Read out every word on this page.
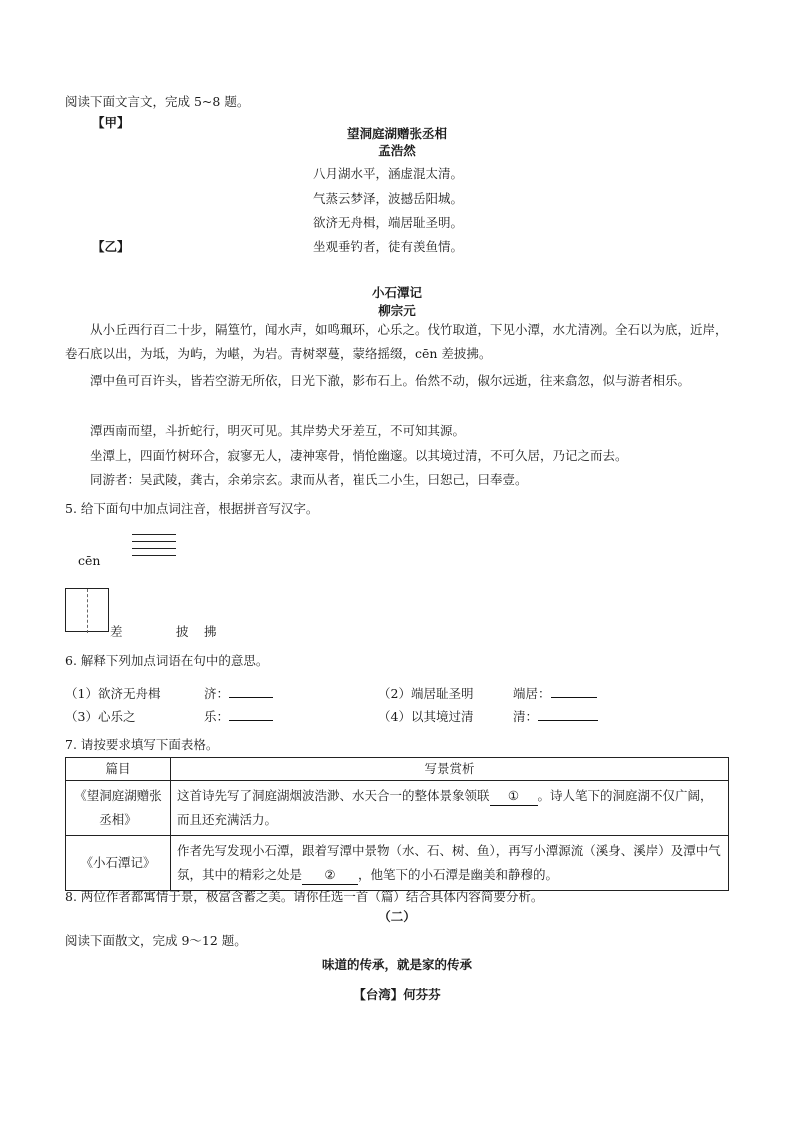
阅读下面文言文，完成 5~8 题。
【甲】
望洞庭湖赠张丞相
孟浩然
八月湖水平，涵虚混太清。
气蒸云梦泽，波撼岳阳城。
欲济无舟楫，端居耻圣明。
坐观垂钓者，徒有羡鱼情。
【乙】
小石潭记
柳宗元
从小丘西行百二十步，隔篁竹，闻水声，如鸣珮环，心乐之。伐竹取道，下见小潭，水尤清冽。全石以为底，近岸，卷石底以出，为坻，为屿，为嵁，为岩。青树翠蔓，蒙络摇缀，cēn 差披拂。
潭中鱼可百许头，皆若空游无所依，日光下澈，影布石上。佁然不动，俶尔远逝，往来翕忽，似与游者相乐。
潭西南而望，斗折蛇行，明灭可见。其岸势犬牙差互，不可知其源。
坐潭上，四面竹树环合，寂寥无人，凄神寒骨，悄怆幽邃。以其境过清，不可久居，乃记之而去。
同游者：吴武陵，龚古，余弟宗玄。隶而从者，崔氏二小生，曰恕己，曰奉壹。
5. 给下面句中加点词注音，根据拼音写汉字。
cēn
差	披 拂
6. 解释下列加点词语在句中的意思。
（1）欲济无舟楫	济：	（2）端居耻圣明	端居：
（3）心乐之	乐：	（4）以其境过清	清：
7. 请按要求填写下面表格。
篇目	写景赏析
《望洞庭湖赠张丞相》	这首诗先写了洞庭湖烟波浩渺、水天合一的整体景象领联 ① 。诗人笔下的洞庭湖不仅广阔，而且还充满活力。
《小石潭记》	作者先写发现小石潭，跟着写潭中景物（水、石、树、鱼），再写小潭源流（溪身、溪岸）及潭中气氛，其中的精彩之处是 ② ，他笔下的小石潭是幽美和静穆的。
8. 两位作者都寓情于景，极富含蓄之美。请你任选一首（篇）结合具体内容简要分析。
（二）
阅读下面散文，完成 9～12 题。
味道的传承，就是家的传承
【台湾】何芬芬
